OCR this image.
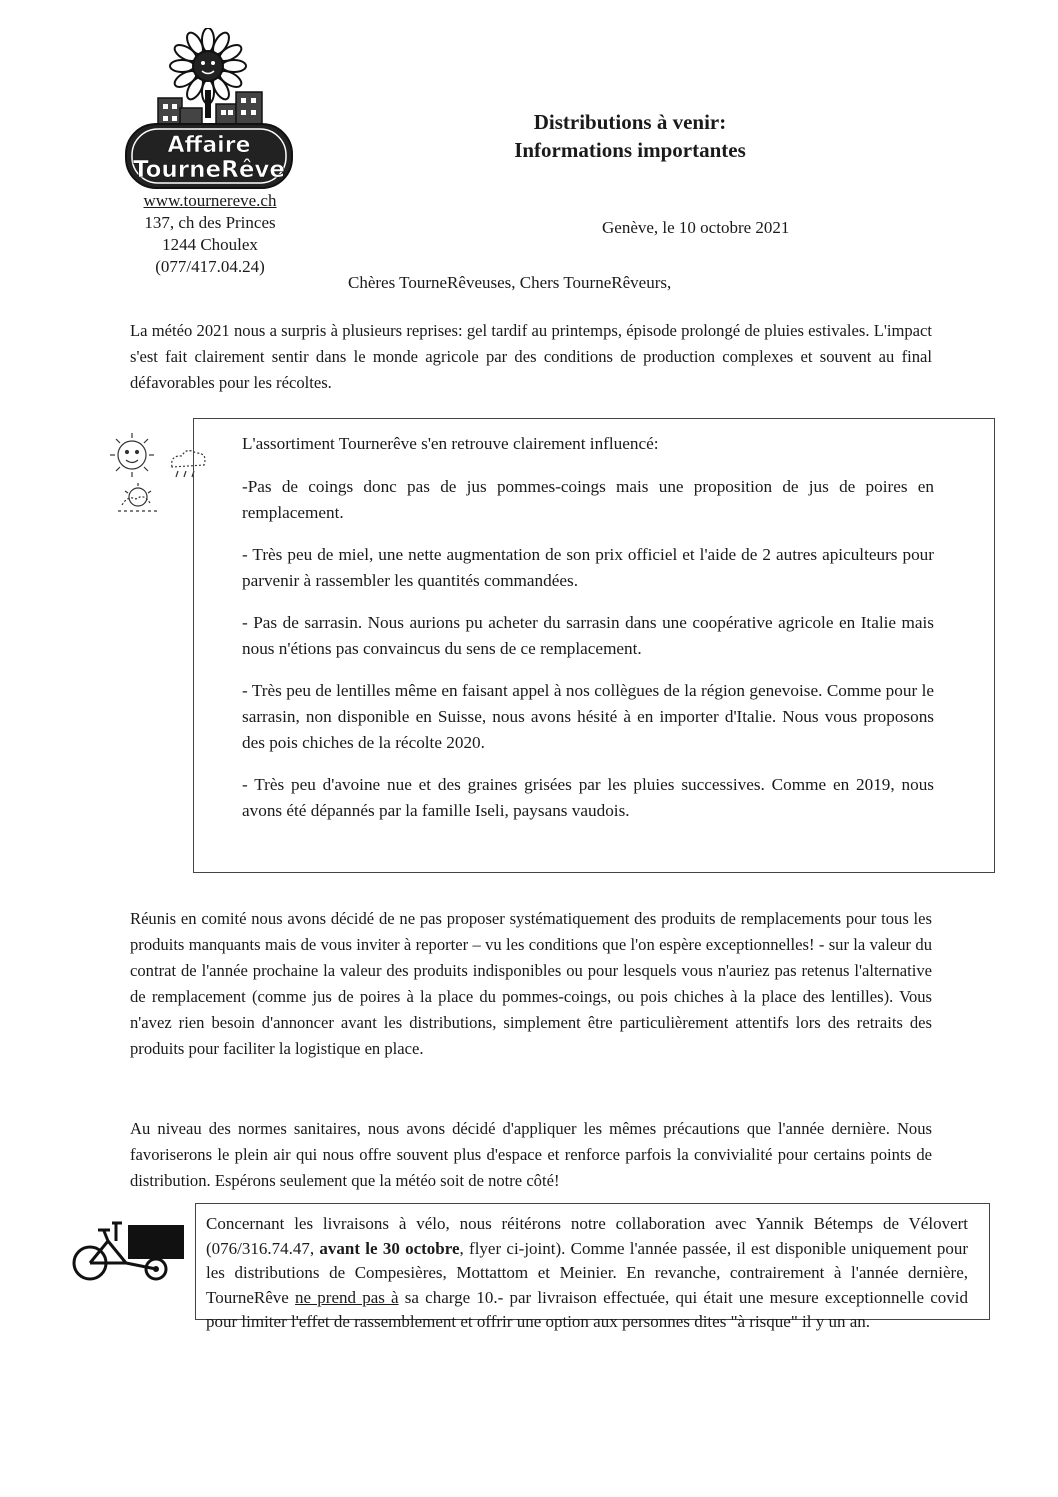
Affaire
TourneRêve
www.tournereve.ch
137, ch des Princes
1244 Choulex
(077/417.04.24)
Distributions à venir:
Informations importantes
Genève, le 10 octobre 2021
Chères TourneRêveuses, Chers TourneRêveurs,
La météo 2021 nous a surpris à plusieurs reprises: gel tardif au printemps, épisode prolongé de pluies estivales. L'impact s'est fait clairement sentir dans le monde agricole par des conditions de production complexes et souvent au final défavorables pour les récoltes.

L'assortiment Tournerêve s'en retrouve clairement influencé:

-Pas de coings donc pas de jus pommes-coings mais une proposition de jus de poires en remplacement.

- Très peu de miel, une nette augmentation de son prix officiel et l'aide de 2 autres apiculteurs pour parvenir à rassembler les quantités commandées.

- Pas de sarrasin. Nous aurions pu acheter du sarrasin dans une coopérative agricole en Italie mais nous n'étions pas convaincus du sens de ce remplacement.

- Très peu de lentilles même en faisant appel à nos collègues de la région genevoise. Comme pour le sarrasin, non disponible en Suisse, nous avons hésité à en importer d'Italie. Nous vous proposons des pois chiches de la récolte 2020.

- Très peu d'avoine nue et des graines grisées par les pluies successives. Comme en 2019, nous avons été dépannés par la famille Iseli, paysans vaudois.

Réunis en comité nous avons décidé de ne pas proposer systématiquement des produits de remplacements pour tous les produits manquants mais de vous inviter à reporter – vu les conditions que l'on espère exceptionnelles! - sur la valeur du contrat de l'année prochaine la valeur des produits indisponibles ou pour lesquels vous n'auriez pas retenus l'alternative de remplacement (comme jus de poires à la place du pommes-coings, ou pois chiches à la place des lentilles). Vous n'avez rien besoin d'annoncer avant les distributions, simplement être particulièrement attentifs lors des retraits des produits pour faciliter la logistique en place.
Au niveau des normes sanitaires, nous avons décidé d'appliquer les mêmes précautions que l'année dernière. Nous favoriserons le plein air qui nous offre souvent plus d'espace et renforce parfois la convivialité pour certains points de distribution. Espérons seulement que la météo soit de notre côté!
Concernant les livraisons à vélo, nous réitérons notre collaboration avec Yannik Bétemps de Vélovert (076/316.74.47, avant le 30 octobre, flyer ci-joint). Comme l'année passée, il est disponible uniquement pour les distributions de Compesières, Mottattom et Meinier. En revanche, contrairement à l'année dernière, TourneRêve ne prend pas à sa charge 10.- par livraison effectuée, qui était une mesure exceptionnelle covid pour limiter l'effet de rassemblement et offrir une option aux personnes dites "à risque" il y un an.
